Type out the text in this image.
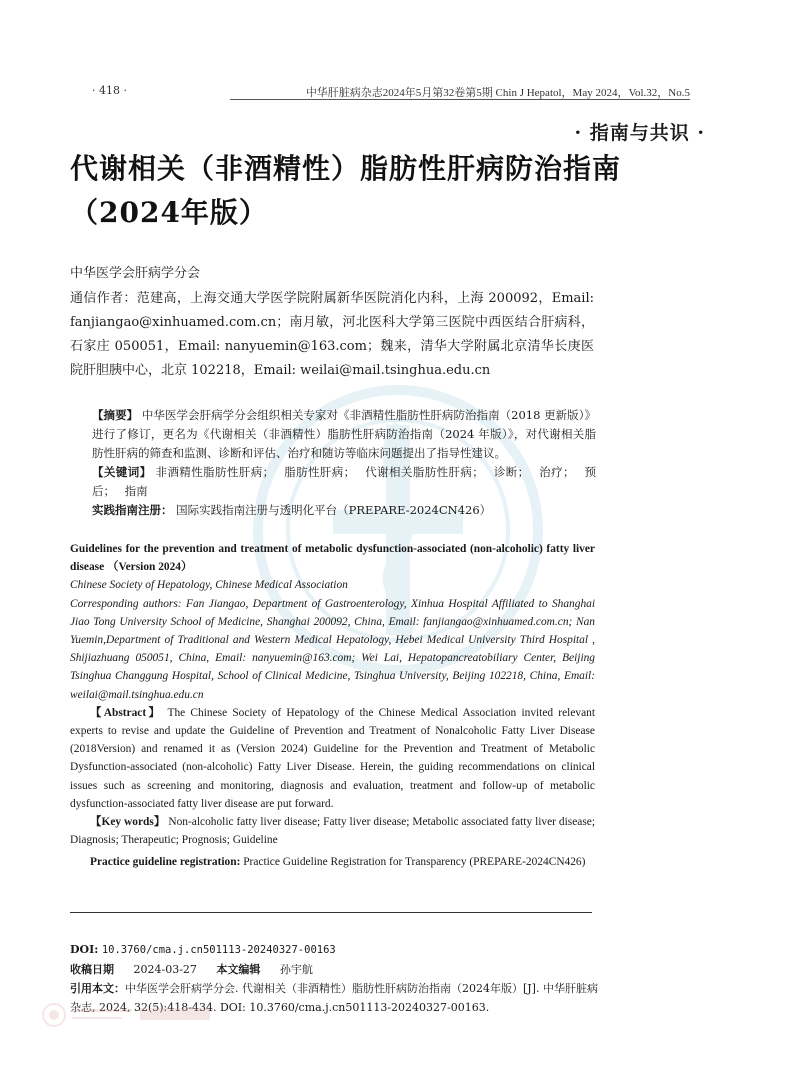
· 418 ·	中华肝脏病杂志2024年5月第32卷第5期 Chin J Hepatol，May 2024，Vol.32，No.5
· 指南与共识 ·
代谢相关（非酒精性）脂肪性肝病防治指南
（2024年版）
中华医学会肝病学分会
通信作者：范建高，上海交通大学医学院附属新华医院消化内科，上海 200092，Email: fanjiangao@xinhuamed.com.cn；南月敏，河北医科大学第三医院中西医结合肝病科，石家庄 050051，Email: nanyuemin@163.com；魏来，清华大学附属北京清华长庚医院肝胆胰中心，北京 102218，Email: weilai@mail.tsinghua.edu.cn
【摘要】 中华医学会肝病学分会组织相关专家对《非酒精性脂肪性肝病防治指南（2018 更新版）》进行了修订，更名为《代谢相关（非酒精性）脂肪性肝病防治指南（2024 年版）》，对代谢相关脂肪性肝病的筛查和监测、诊断和评估、治疗和随访等临床问题提出了指导性建议。
【关键词】 非酒精性脂肪性肝病； 脂肪性肝病； 代谢相关脂肪性肝病； 诊断； 治疗； 预后； 指南
实践指南注册： 国际实践指南注册与透明化平台（PREPARE-2024CN426）

Guidelines for the prevention and treatment of metabolic dysfunction-associated (non-alcoholic) fatty liver disease （Version 2024）

Chinese Society of Hepatology, Chinese Medical Association

Corresponding authors: Fan Jiangao, Department of Gastroenterology, Xinhua Hospital Affiliated to Shanghai Jiao Tong University School of Medicine, Shanghai 200092, China, Email: fanjiangao@xinhuamed.com.cn; Nan Yuemin,Department of Traditional and Western Medical Hepatology, Hebei Medical University Third Hospital , Shijiazhuang 050051, China, Email: nanyuemin@163.com; Wei Lai, Hepatopancreatobiliary Center, Beijing Tsinghua Changgung Hospital, School of Clinical Medicine, Tsinghua University, Beijing 102218, China, Email: weilai@mail.tsinghua.edu.cn

【Abstract】 The Chinese Society of Hepatology of the Chinese Medical Association invited relevant experts to revise and update the Guideline of Prevention and Treatment of Nonalcoholic Fatty Liver Disease (2018Version) and renamed it as (Version 2024) Guideline for the Prevention and Treatment of Metabolic Dysfunction-associated (non-alcoholic) Fatty Liver Disease. Herein, the guiding recommendations on clinical issues such as screening and monitoring, diagnosis and evaluation, treatment and follow-up of metabolic dysfunction-associated fatty liver disease are put forward.

【Key words】 Non-alcoholic fatty liver disease; Fatty liver disease; Metabolic associated fatty liver disease; Diagnosis; Therapeutic; Prognosis; Guideline

Practice guideline registration: Practice Guideline Registration for Transparency (PREPARE-2024CN426)

DOI: 10.3760/cma.j.cn501113-20240327-00163
收稿日期 2024-03-27 本文编辑 孙宇航
引用本文：中华医学会肝病学分会. 代谢相关（非酒精性）脂肪性肝病防治指南（2024年版）[J]. 中华肝脏病杂志, 2024, 32(5):418-434. DOI: 10.3760/cma.j.cn501113-20240327-00163.
